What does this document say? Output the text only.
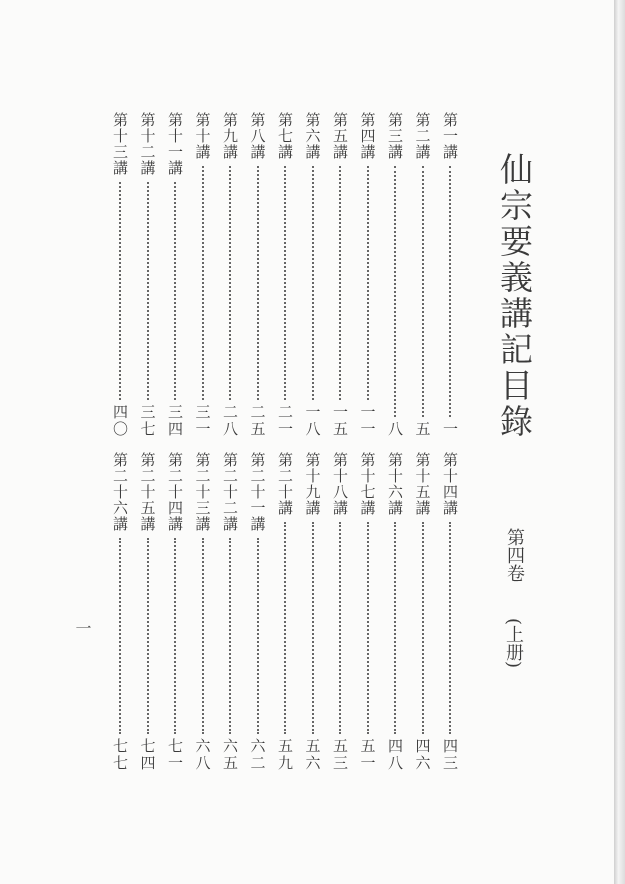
仙宗要義講記目錄
第四卷
(上册)
第一講
一
第二講
五
第三講
八
第四講
一一
第五講
一五
第六講
一八
第七講
二一
第八講
二五
第九講
二八
第十講
三一
第十一講
三四
第十二講
三七
第十三講
四〇
第十四講
四三
第十五講
四六
第十六講
四八
第十七講
五一
第十八講
五三
第十九講
五六
第二十講
五九
第二十一講
六二
第二十二講
六五
第二十三講
六八
第二十四講
七一
第二十五講
七四
第二十六講
七七
一
